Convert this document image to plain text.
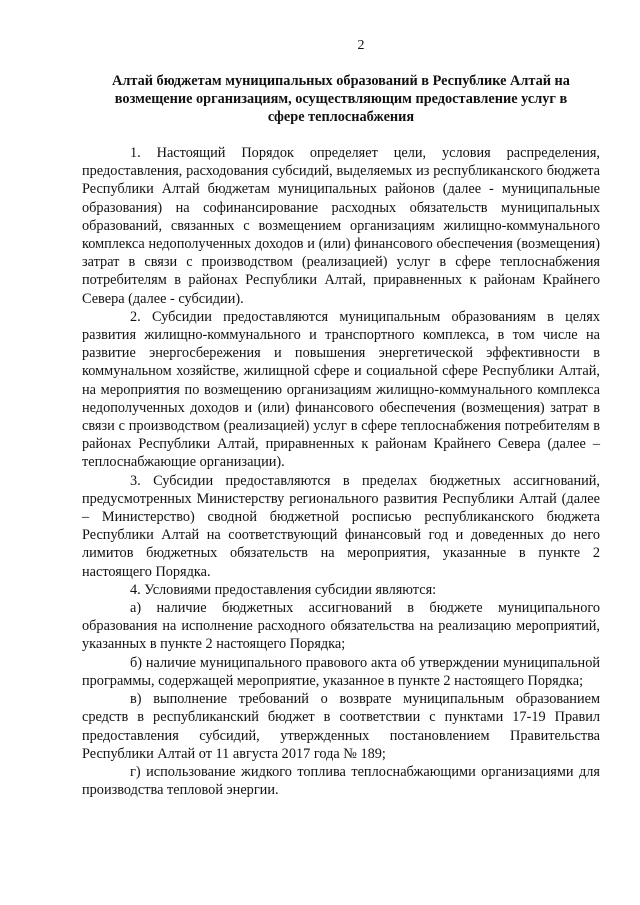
2
Алтай бюджетам муниципальных образований в Республике Алтай на
возмещение организациям, осуществляющим предоставление услуг в
сфере теплоснабжения

1. Настоящий Порядок определяет цели, условия распределения, предоставления, расходования субсидий, выделяемых из республиканского бюджета Республики Алтай бюджетам муниципальных районов (далее - муниципальные образования) на софинансирование расходных обязательств муниципальных образований, связанных с возмещением организациям жилищно-коммунального комплекса недополученных доходов и (или) финансового обеспечения (возмещения) затрат в связи с производством (реализацией) услуг в сфере теплоснабжения потребителям в районах Республики Алтай, приравненных к районам Крайнего Севера (далее - субсидии).

2. Субсидии предоставляются муниципальным образованиям в целях развития жилищно-коммунального и транспортного комплекса, в том числе на развитие энергосбережения и повышения энергетической эффективности в коммунальном хозяйстве, жилищной сфере и социальной сфере Республики Алтай, на мероприятия по возмещению организациям жилищно-коммунального комплекса недополученных доходов и (или) финансового обеспечения (возмещения) затрат в связи с производством (реализацией) услуг в сфере теплоснабжения потребителям в районах Республики Алтай, приравненных к районам Крайнего Севера (далее – теплоснабжающие организации).

3. Субсидии предоставляются в пределах бюджетных ассигнований, предусмотренных Министерству регионального развития Республики Алтай (далее – Министерство) сводной бюджетной росписью республиканского бюджета Республики Алтай на соответствующий финансовый год и доведенных до него лимитов бюджетных обязательств на мероприятия, указанные в пункте 2 настоящего Порядка.

4. Условиями предоставления субсидии являются:

а) наличие бюджетных ассигнований в бюджете муниципального образования на исполнение расходного обязательства на реализацию мероприятий, указанных в пункте 2 настоящего Порядка;

б) наличие муниципального правового акта об утверждении муниципальной программы, содержащей мероприятие, указанное в пункте 2 настоящего Порядка;

в) выполнение требований о возврате муниципальным образованием средств в республиканский бюджет в соответствии с пунктами 17-19 Правил предоставления субсидий, утвержденных постановлением Правительства Республики Алтай от 11 августа 2017 года № 189;

г) использование жидкого топлива теплоснабжающими организациями для производства тепловой энергии.
